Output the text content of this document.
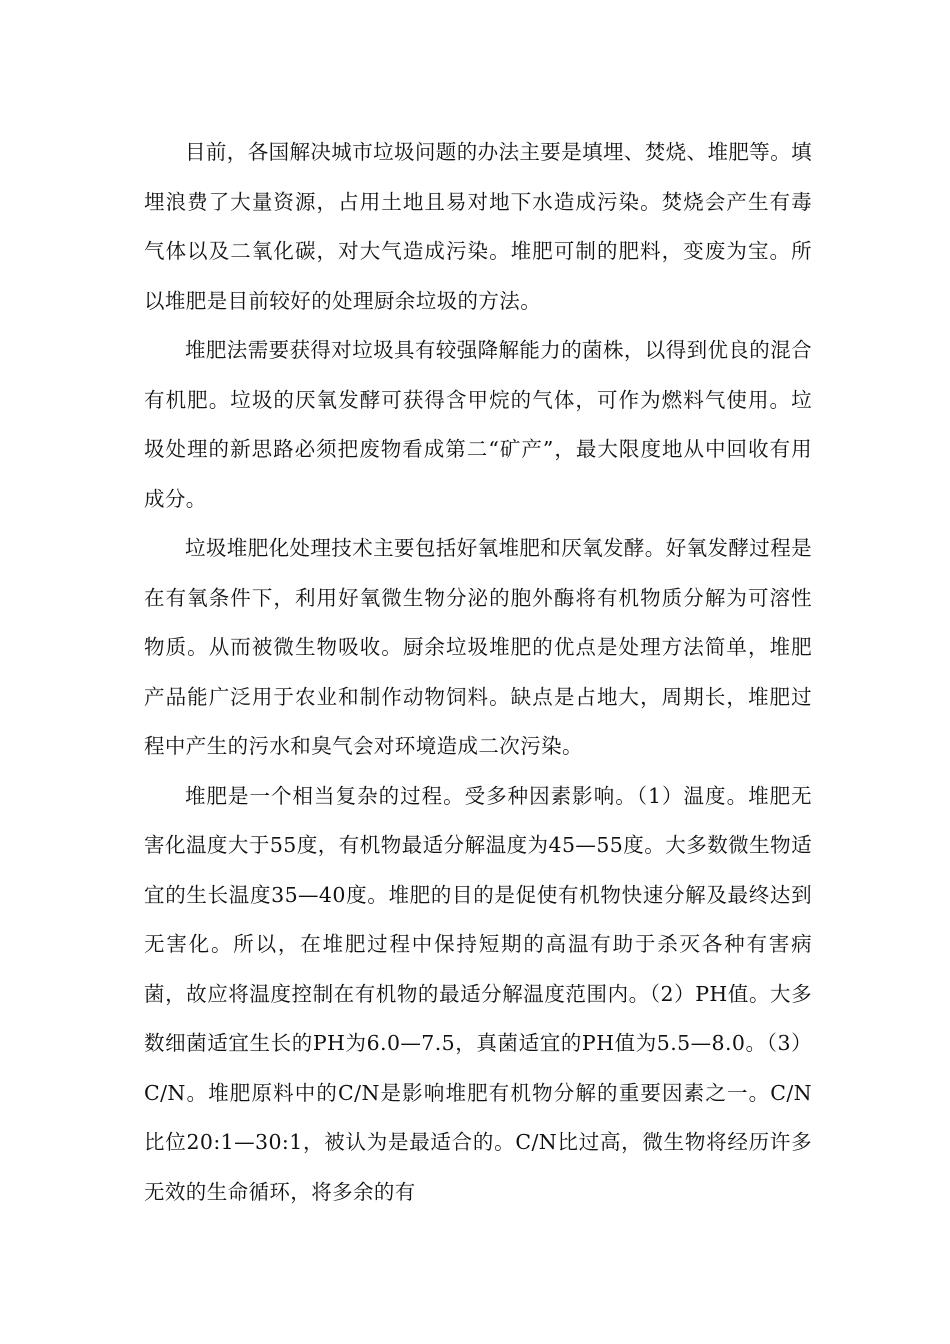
目前，各国解决城市垃圾问题的办法主要是填埋、焚烧、堆肥等。填埋浪费了大量资源，占用土地且易对地下水造成污染。焚烧会产生有毒气体以及二氧化碳，对大气造成污染。堆肥可制的肥料，变废为宝。所以堆肥是目前较好的处理厨余垃圾的方法。

堆肥法需要获得对垃圾具有较强降解能力的菌株，以得到优良的混合有机肥。垃圾的厌氧发酵可获得含甲烷的气体，可作为燃料气使用。垃圾处理的新思路必须把废物看成第二“矿产”，最大限度地从中回收有用成分。

垃圾堆肥化处理技术主要包括好氧堆肥和厌氧发酵。好氧发酵过程是在有氧条件下，利用好氧微生物分泌的胞外酶将有机物质分解为可溶性物质。从而被微生物吸收。厨余垃圾堆肥的优点是处理方法简单，堆肥产品能广泛用于农业和制作动物饲料。缺点是占地大，周期长，堆肥过程中产生的污水和臭气会对环境造成二次污染。

堆肥是一个相当复杂的过程。受多种因素影响。（1）温度。堆肥无害化温度大于55度，有机物最适分解温度为45—55度。大多数微生物适宜的生长温度35—40度。堆肥的目的是促使有机物快速分解及最终达到无害化。所以，在堆肥过程中保持短期的高温有助于杀灭各种有害病菌，故应将温度控制在有机物的最适分解温度范围内。（2）PH值。大多数细菌适宜生长的PH为6.0—7.5，真菌适宜的PH值为5.5—8.0。（3）C/N。堆肥原料中的C/N是影响堆肥有机物分解的重要因素之一。C/N比位20:1—30:1，被认为是最适合的。C/N比过高，微生物将经历许多无效的生命循环，将多余的有
